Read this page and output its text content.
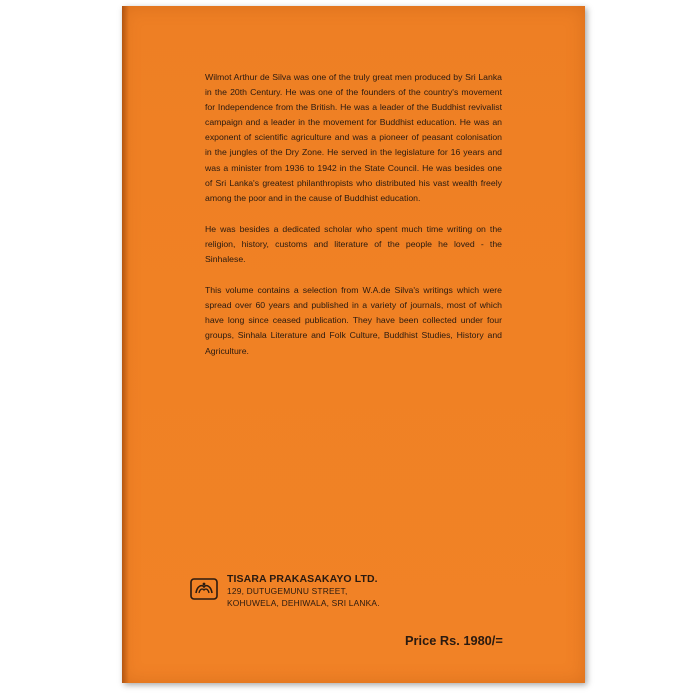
Wilmot Arthur de Silva was one of the truly great men produced by Sri Lanka in the 20th Century. He was one of the founders of the country's movement for Independence from the British. He was a leader of the Buddhist revivalist campaign and a leader in the movement for Buddhist education. He was an exponent of scientific agriculture and was a pioneer of peasant colonisation in the jungles of the Dry Zone. He served in the legislature for 16 years and was a minister from 1936 to 1942 in the State Council. He was besides one of Sri Lanka's greatest philanthropists who distributed his vast wealth freely among the poor and in the cause of Buddhist education.

He was besides a dedicated scholar who spent much time writing on the religion, history, customs and literature of the people he loved - the Sinhalese.

This volume contains a selection from W.A.de Silva's writings which were spread over 60 years and published in a variety of journals, most of which have long since ceased publication. They have been collected under four groups, Sinhala Literature and Folk Culture, Buddhist Studies, History and Agriculture.

TISARA PRAKASAKAYO LTD.
129, DUTUGEMUNU STREET,
KOHUWELA, DEHIWALA, SRI LANKA.
Price Rs. 1980/=
